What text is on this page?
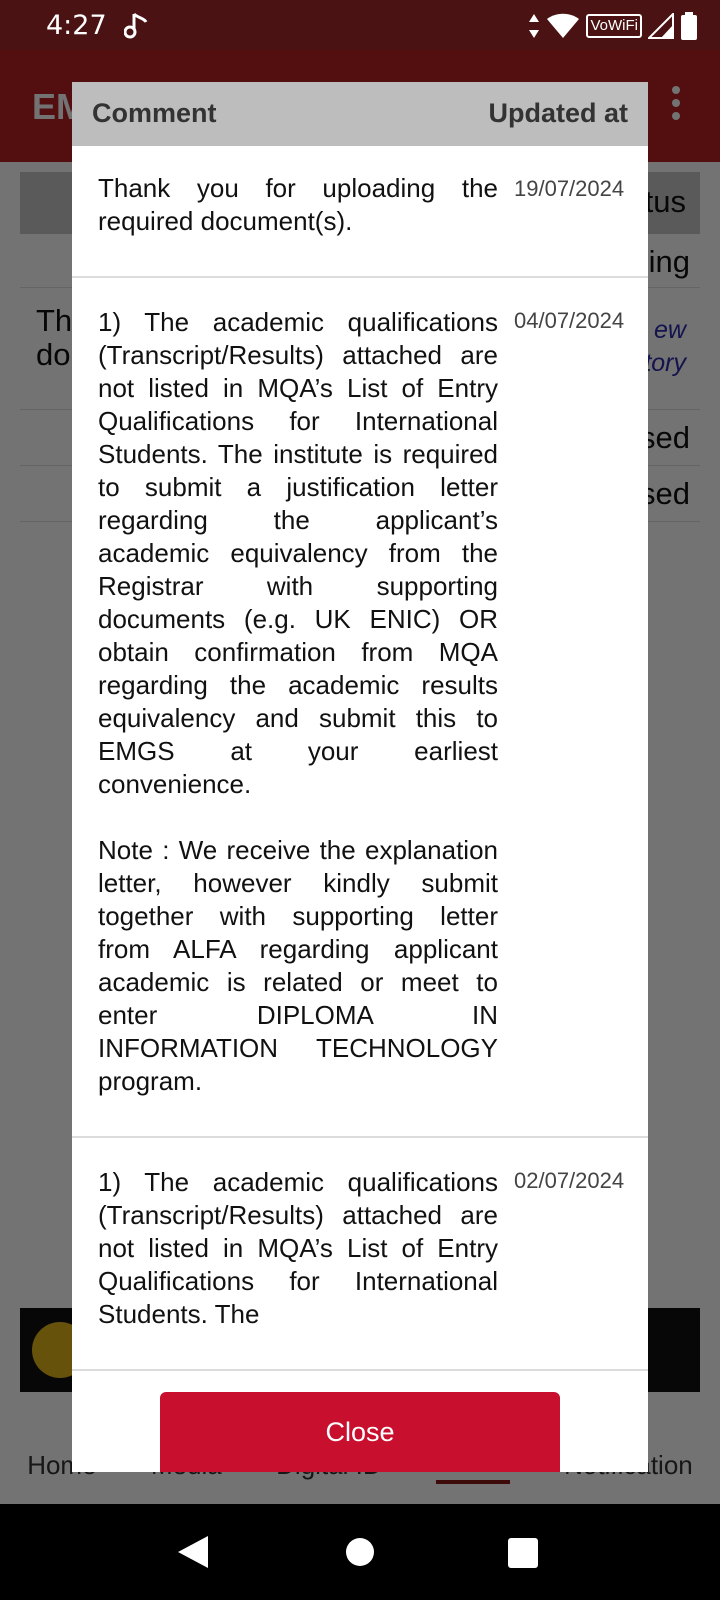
4:27	VoWiFi
Comment	Updated at
Thank you for uploading the required document(s).
19/07/2024
1) The academic qualifications (Transcript/Results) attached are not listed in MQA’s List of Entry Qualifications for International Students. The institute is required to submit a justification letter regarding the applicant’s academic equivalency from the Registrar with supporting documents (e.g. UK ENIC) OR obtain confirmation from MQA regarding the academic results equivalency and submit this to EMGS at your earliest convenience.

Note : We receive the explanation letter, however kindly submit together with supporting letter from ALFA regarding applicant academic is related or meet to enter DIPLOMA IN INFORMATION TECHNOLOGY program.
04/07/2024
1) The academic qualifications (Transcript/Results) attached are not listed in MQA’s List of Entry Qualifications for International Students. The
02/07/2024
Close
